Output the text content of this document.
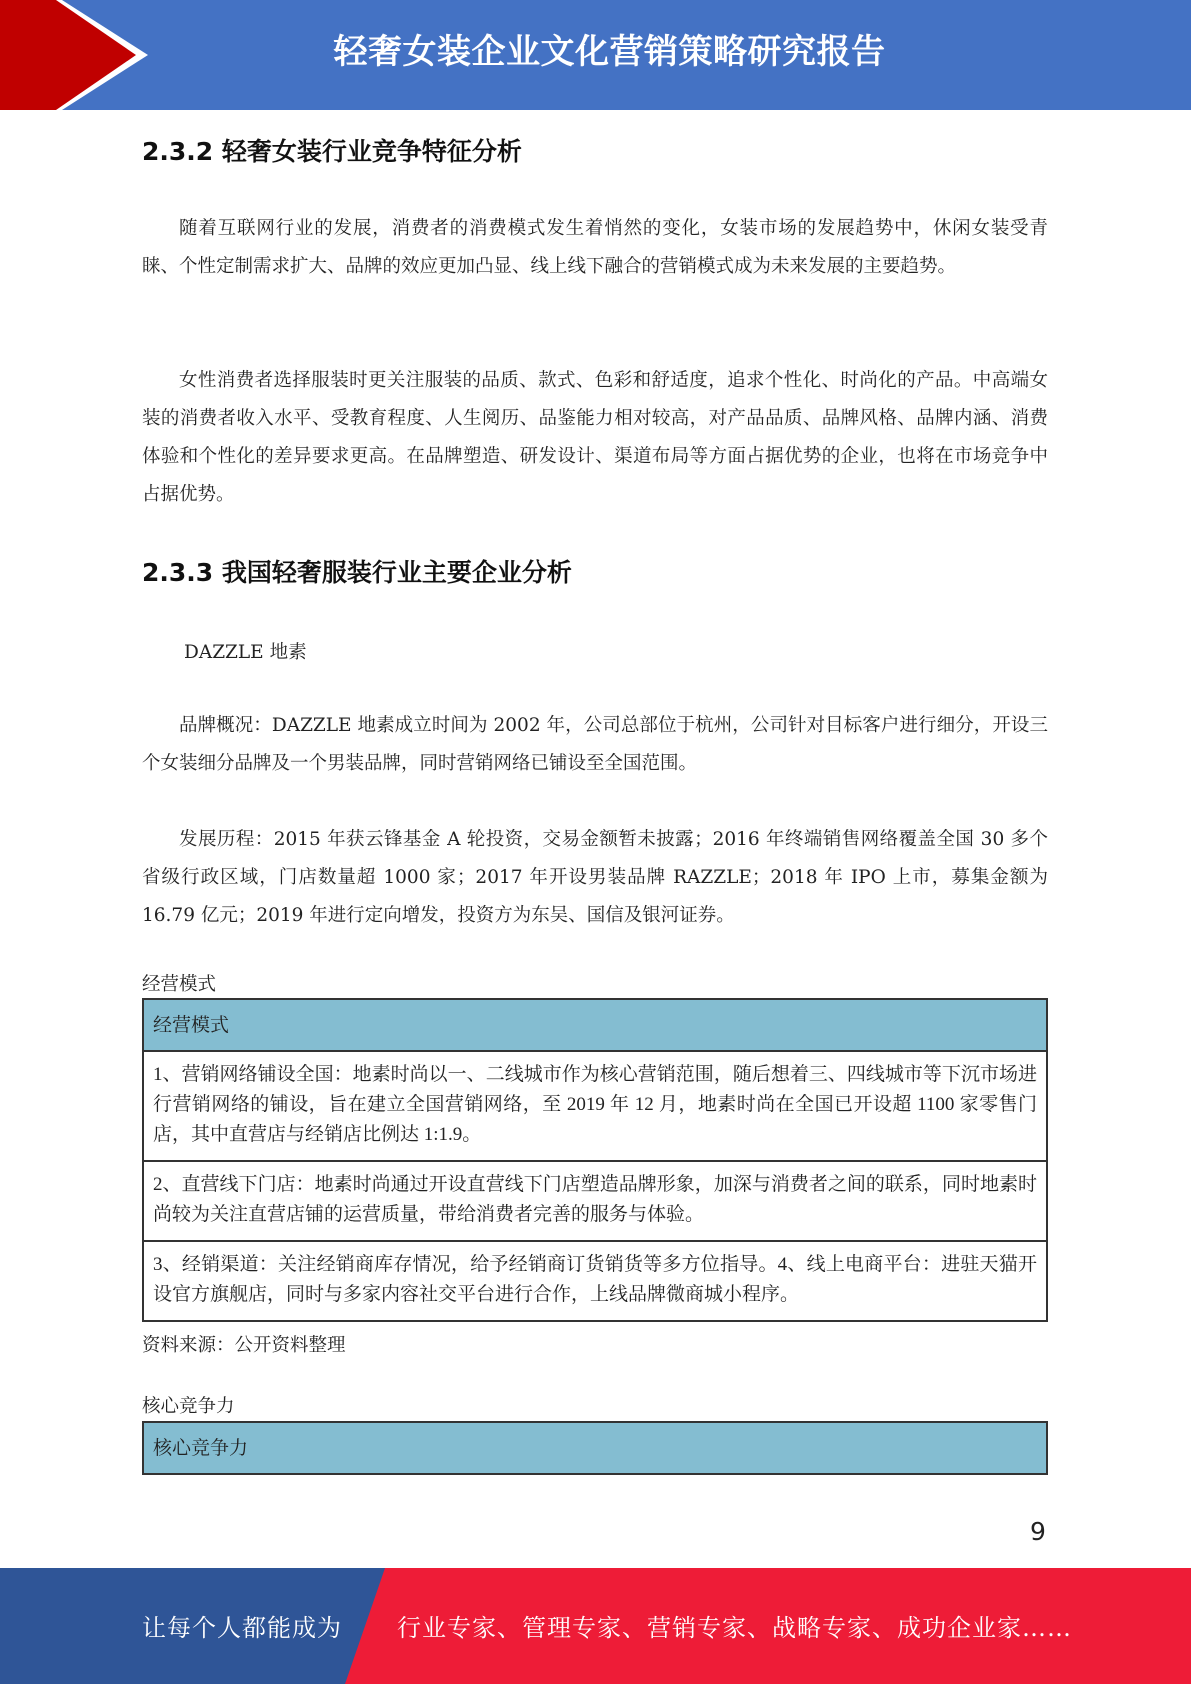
轻奢女装企业文化营销策略研究报告
2.3.2 轻奢女装行业竞争特征分析
随着互联网行业的发展，消费者的消费模式发生着悄然的变化，女装市场的发展趋势中，休闲女装受青睐、个性定制需求扩大、品牌的效应更加凸显、线上线下融合的营销模式成为未来发展的主要趋势。
女性消费者选择服装时更关注服装的品质、款式、色彩和舒适度，追求个性化、时尚化的产品。中高端女装的消费者收入水平、受教育程度、人生阅历、品鉴能力相对较高，对产品品质、品牌风格、品牌内涵、消费体验和个性化的差异要求更高。在品牌塑造、研发设计、渠道布局等方面占据优势的企业，也将在市场竞争中占据优势。
2.3.3 我国轻奢服装行业主要企业分析
DAZZLE 地素
品牌概况：DAZZLE 地素成立时间为 2002 年，公司总部位于杭州，公司针对目标客户进行细分，开设三个女装细分品牌及一个男装品牌，同时营销网络已铺设至全国范围。
发展历程：2015 年获云锋基金 A 轮投资，交易金额暂未披露；2016 年终端销售网络覆盖全国 30 多个省级行政区域，门店数量超 1000 家；2017 年开设男装品牌 RAZZLE；2018 年 IPO 上市，募集金额为 16.79 亿元；2019 年进行定向增发，投资方为东吴、国信及银河证券。
经营模式
经营模式
1、营销网络铺设全国：地素时尚以一、二线城市作为核心营销范围，随后想着三、四线城市等下沉市场进行营销网络的铺设，旨在建立全国营销网络，至 2019 年 12 月，地素时尚在全国已开设超 1100 家零售门店，其中直营店与经销店比例达 1:1.9。
2、直营线下门店：地素时尚通过开设直营线下门店塑造品牌形象，加深与消费者之间的联系，同时地素时尚较为关注直营店铺的运营质量，带给消费者完善的服务与体验。
3、经销渠道：关注经销商库存情况，给予经销商订货销货等多方位指导。4、线上电商平台：进驻天猫开设官方旗舰店，同时与多家内容社交平台进行合作，上线品牌微商城小程序。
资料来源：公开资料整理
核心竞争力
核心竞争力
9
让每个人都能成为 行业专家、管理专家、营销专家、战略专家、成功企业家……
